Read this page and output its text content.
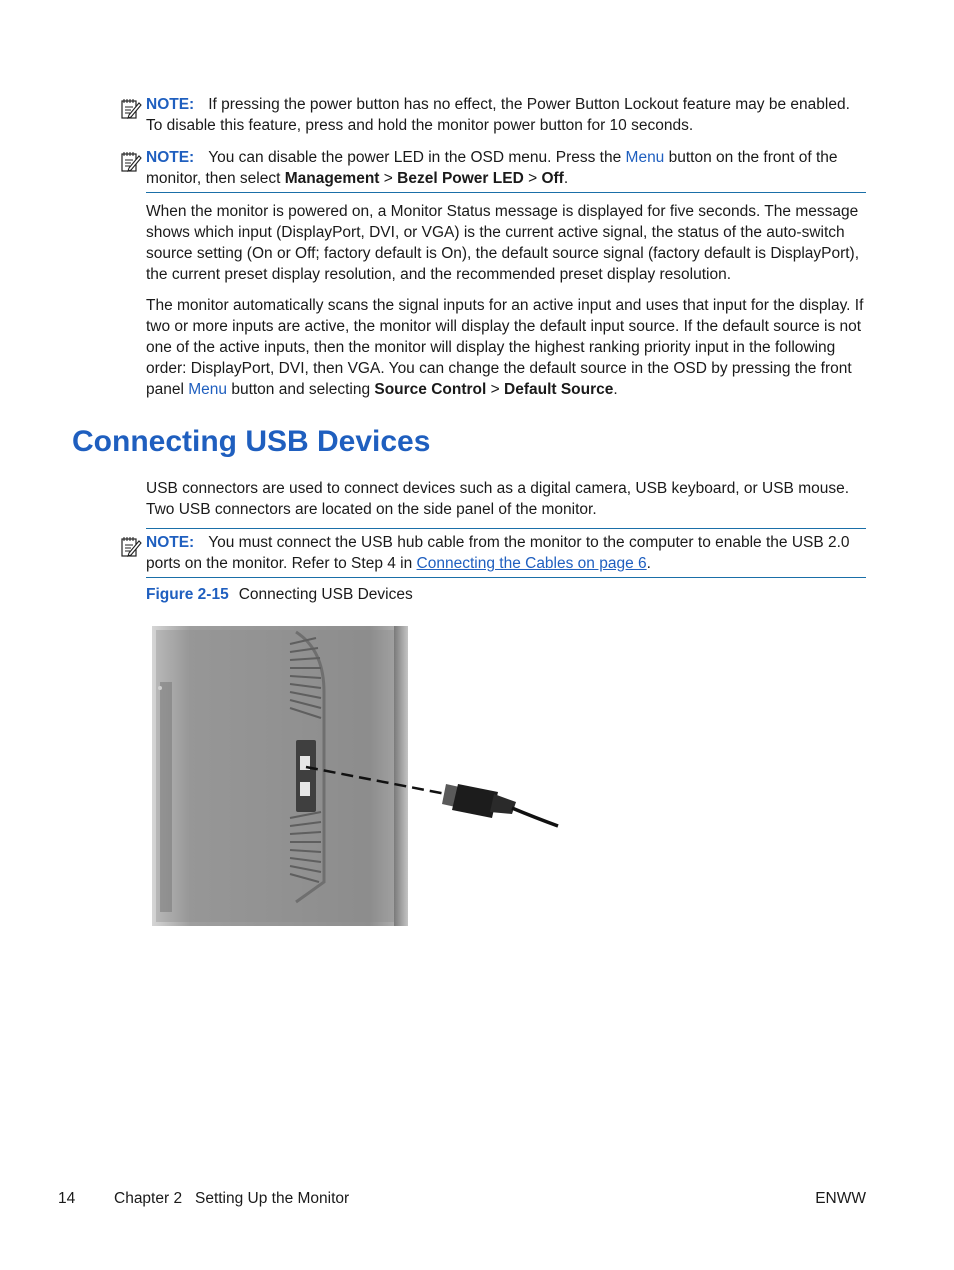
NOTE: If pressing the power button has no effect, the Power Button Lockout feature may be enabled. To disable this feature, press and hold the monitor power button for 10 seconds.
NOTE: You can disable the power LED in the OSD menu. Press the Menu button on the front of the monitor, then select Management > Bezel Power LED > Off.
When the monitor is powered on, a Monitor Status message is displayed for five seconds. The message shows which input (DisplayPort, DVI, or VGA) is the current active signal, the status of the auto-switch source setting (On or Off; factory default is On), the default source signal (factory default is DisplayPort), the current preset display resolution, and the recommended preset display resolution.
The monitor automatically scans the signal inputs for an active input and uses that input for the display. If two or more inputs are active, the monitor will display the default input source. If the default source is not one of the active inputs, then the monitor will display the highest ranking priority input in the following order: DisplayPort, DVI, then VGA. You can change the default source in the OSD by pressing the front panel Menu button and selecting Source Control > Default Source.
Connecting USB Devices
USB connectors are used to connect devices such as a digital camera, USB keyboard, or USB mouse. Two USB connectors are located on the side panel of the monitor.
NOTE: You must connect the USB hub cable from the monitor to the computer to enable the USB 2.0 ports on the monitor. Refer to Step 4 in Connecting the Cables on page 6.
Figure 2-15 Connecting USB Devices
14	Chapter 2   Setting Up the Monitor	ENWW
